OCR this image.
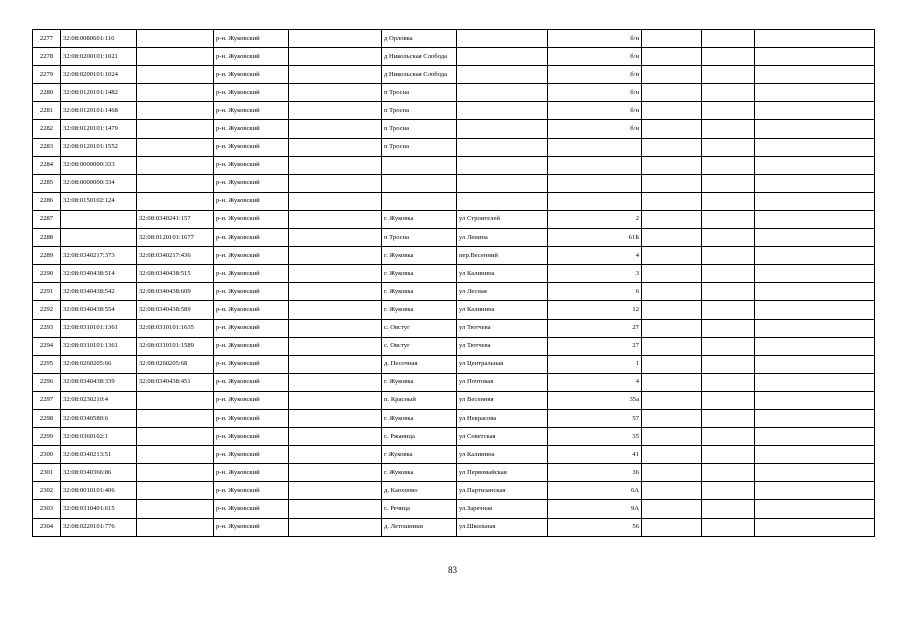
2277	32:08:0080601:116		р-н. Жуковский		д Орловка		б/н			
2278	32:08:0200101:1021		р-н. Жуковский		д Никольская Слобода		б/н			
2279	32:08:0200101:1024		р-н. Жуковский		д Никольская Слобода		б/н			
2280	32:08:0120101:1482		р-н. Жуковский		п Тросна		б/н			
2281	32:08:0120101:1468		р-н. Жуковский		п Тросна		б/н			
2282	32:08:0120101:1479		р-н. Жуковский		п Тросна		б/н			
2283	32:08:0120101:1552		р-н. Жуковский		п Тросна					
2284	32:08:0000000:333		р-н. Жуковский							
2285	32:08:0000000:334		р-н. Жуковский							
2286	32:08:0150102:124		р-н. Жуковский							
2287		32:08:0340241:157	р-н. Жуковский		г. Жуковка	ул Строителей	2			
2288		32:08:0120101:1677	р-н. Жуковский		п Тросна	ул Ленина	61Б			
2289	32:08:0340217:373	32:08:0340217:436	р-н. Жуковский		г. Жуковка	пер.Весенний	4			
2290	32:08:0340438:514	32:08:0340438:515	р-н. Жуковский		г. Жуковка	ул Калинина	3			
2291	32:08:0340438:542	32:08:0340438:609	р-н. Жуковский		г. Жуковка	ул Лесная	6			
2292	32:08:0340438:554	32:08:0340438:589	р-н. Жуковский		г. Жуковка	ул Калинина	12			
2293	32:08:0310101:1361	32:08:0310101:1635	р-н. Жуковский		с. Овстуг	ул Тютчева	27			
2294	32:08:0310101:1361	32:08:0310101:1589	р-н. Жуковский		с. Овстуг	ул Тютчева	27			
2295	32:08:0260205:66	32:08:0260205:68	р-н. Жуковский		д. Песочная	ул Центральная	1			
2296	32:08:0340438:339	32:08:0340438:451	р-н. Жуковский		г. Жуковка	ул Почтовая	4			
2297	32:08:0230210:4		р-н. Жуковский		п. Красный	ул Весенняя	35а			
2298	32:08:0340580:6		р-н. Жуковский		г. Жуковка	ул Некрасова	57			
2299	32:08:0360102:1		р-н. Жуковский		с. Ржаница	ул Советская	35			
2300	32:08:0340213:51		р-н. Жуковский		г Жуковка	ул Калинина	41			
2301	32:08:0340366:86		р-н. Жуковский		г. Жуковка	ул Первомайская	36			
2302	32:08:0010101:406		р-н. Жуковский		д. Каохново	ул.Партизанская	6А			
2303	32:08:0310401:615		р-н. Жуковский		с. Речица	ул.Заречная	9А			
2304	32:08:0220101:776		р-н. Жуковский		д. Летошники	ул.Школьная	56			
83
